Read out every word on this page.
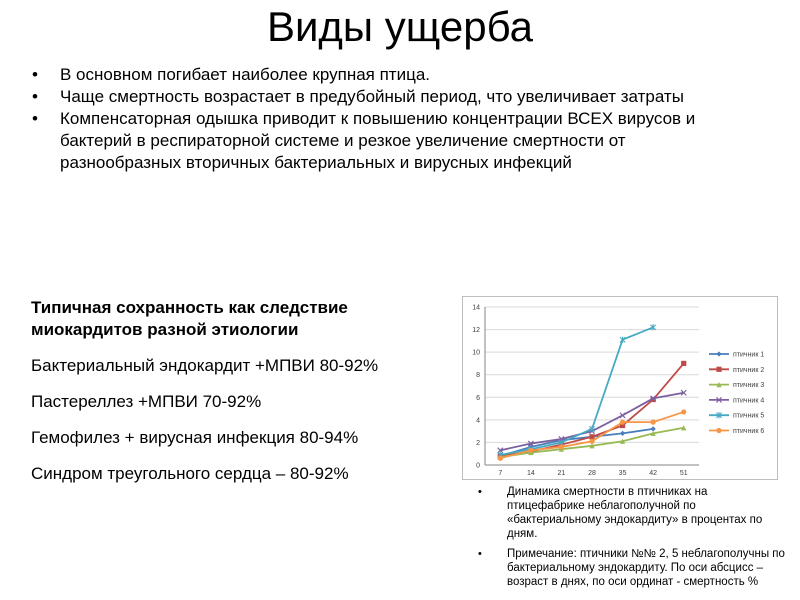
Виды ущерба
• В основном погибает наиболее крупная птица.
• Чаще смертность возрастает в предубойный период, что увеличивает затраты
• Компенсаторная одышка приводит к повышению концентрации ВСЕХ вирусов и бактерий в респираторной системе и резкое увеличение смертности от разнообразных вторичных бактериальных и вирусных инфекций

Типичная сохранность как следствие миокардитов разной этиологии

Бактериальный эндокардит +МПВИ 80-92%

Пастереллез +МПВИ 70-92%

Гемофилез + вирусная инфекция 80-94%

Синдром треугольного сердца – 80-92%	0
2
4
6
8
10
12
14
7	14	21	28	35	42	51
птичник 1
птичник 2
птичник 3
птичник 4
птичник 5
птичник 6
• Динамика смертности в птичниках на птицефабрике неблагополучной по «бактериальному эндокардиту» в процентах по дням.
• Примечание: птичники №№ 2, 5 неблагополучны по бактериальному эндокардиту. По оси абсцисс –возраст в днях, по оси ординат - смертность %
